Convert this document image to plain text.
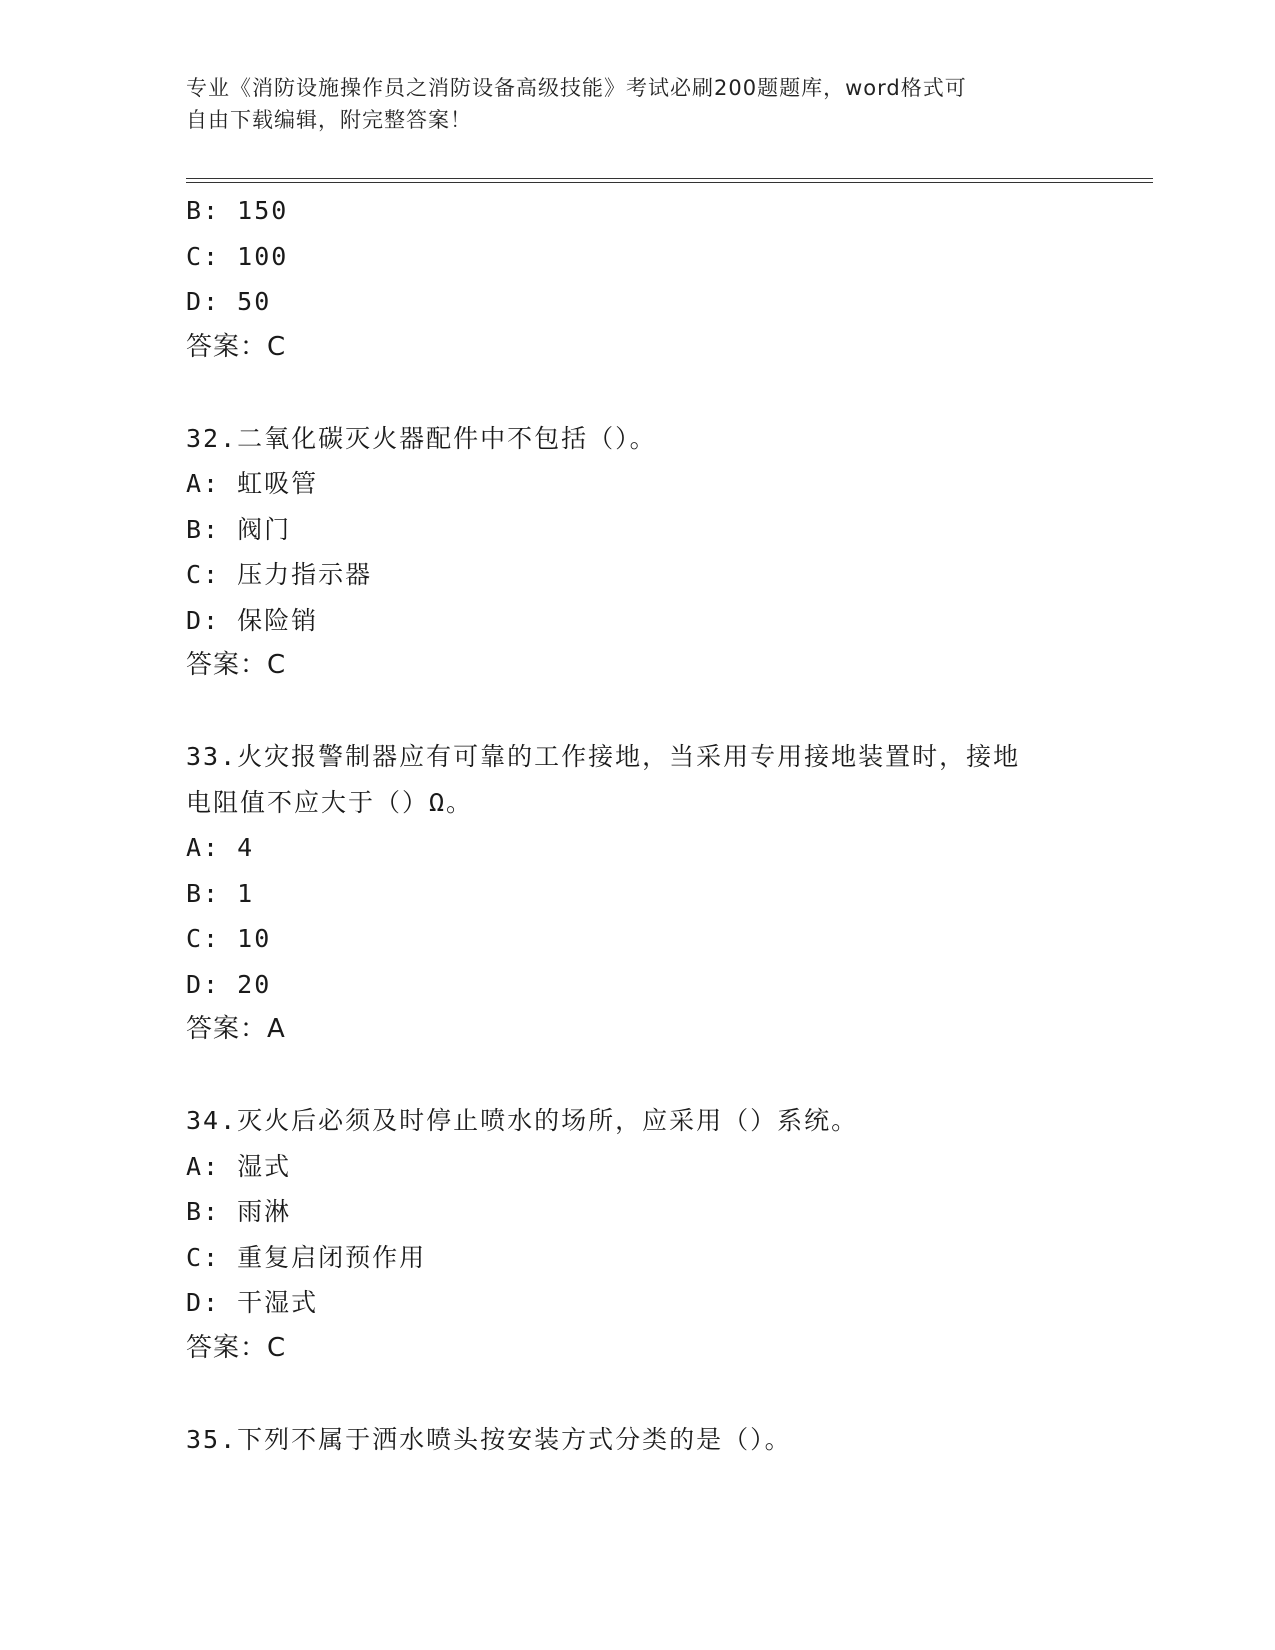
专业《消防设施操作员之消防设备高级技能》考试必刷200题题库，word格式可
自由下载编辑，附完整答案！
B: 150
C: 100
D: 50
答案：C
32.二氧化碳灭火器配件中不包括（）。
A: 虹吸管
B: 阀门
C: 压力指示器
D: 保险销
答案：C
33.火灾报警制器应有可靠的工作接地，当采用专用接地装置时，接地
电阻值不应大于（）Ω。
A: 4
B: 1
C: 10
D: 20
答案：A
34.灭火后必须及时停止喷水的场所，应采用（）系统。
A: 湿式
B: 雨淋
C: 重复启闭预作用
D: 干湿式
答案：C
35.下列不属于洒水喷头按安装方式分类的是（）。
